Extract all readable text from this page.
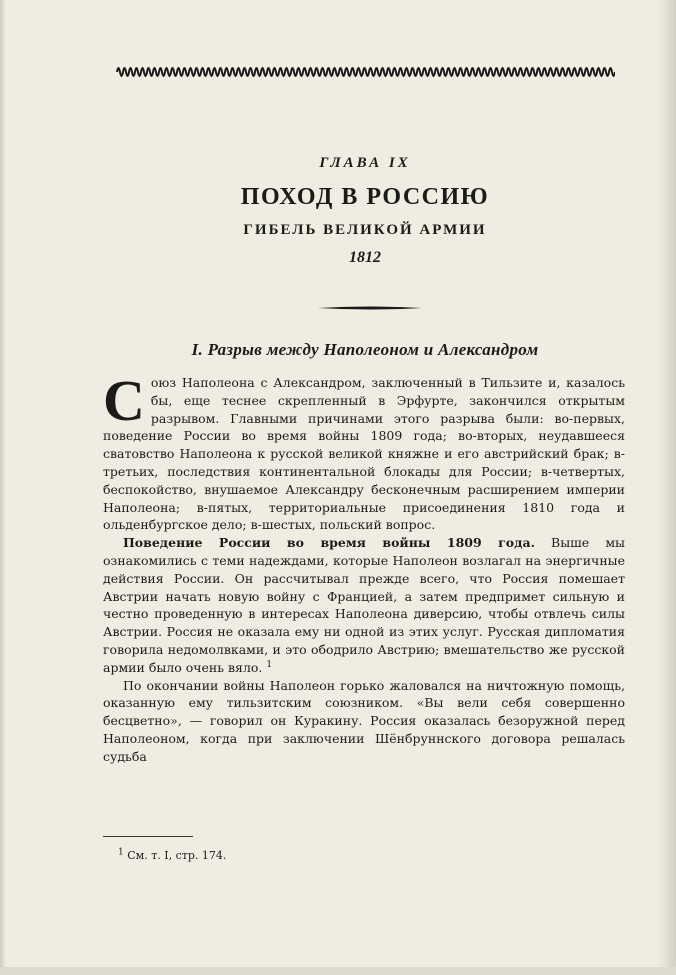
ГЛАВА IX
ПОХОД В РОССИЮ
ГИБЕЛЬ ВЕЛИКОЙ АРМИИ
1812
I. Разрыв между Наполеоном и Александром

Союз Наполеона с Александром, заключенный в Тильзите и, казалось бы, еще теснее скрепленный в Эрфурте, закончился открытым разрывом. Главными причинами этого разрыва были: во-первых, поведение России во время войны 1809 года; во-вторых, неудавшееся сватовство Наполеона к русской великой княжне и его австрийский брак; в-третьих, последствия континентальной блокады для России; в-четвертых, беспокойство, внушаемое Александру бесконечным расширением империи Наполеона; в-пятых, территориальные присоединения 1810 года и ольденбургское дело; в-шестых, польский вопрос.

Поведение России во время войны 1809 года. Выше мы ознакомились с теми надеждами, которые Наполеон возлагал на энергичные действия России. Он рассчитывал прежде всего, что Россия помешает Австрии начать новую войну с Францией, а затем предпримет сильную и честно проведенную в интересах Наполеона диверсию, чтобы отвлечь силы Австрии. Россия не оказала ему ни одной из этих услуг. Русская дипломатия говорила недомолвками, и это ободрило Австрию; вмешательство же русской армии было очень вяло. $^1$

По окончании войны Наполеон горько жаловался на ничтожную помощь, оказанную ему тильзитским союзником. «Вы вели себя совершенно бесцветно», — говорил он Куракину. Россия оказалась безоружной перед Наполеоном, когда при заключении Шёнбруннского договора решалась судьба

$^1$ См. т. I, стр. 174.
